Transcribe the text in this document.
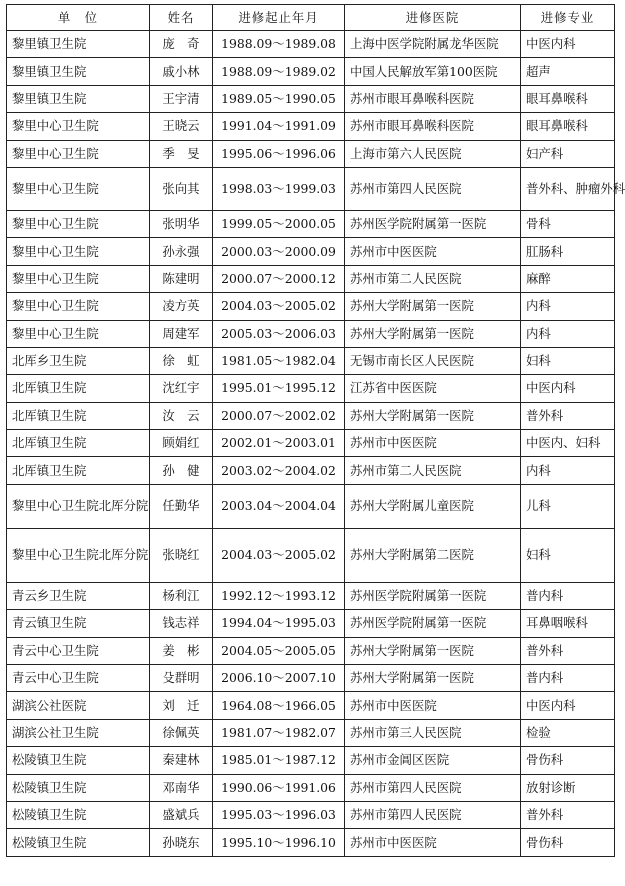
单　位	姓名	进修起止年月	进修医院	进修专业
黎里镇卫生院	庞　奇	1988.09～1989.08	上海中医学院附属龙华医院	中医内科
黎里镇卫生院	戚小林	1988.09～1989.02	中国人民解放军第100医院	超声
黎里镇卫生院	王宇清	1989.05～1990.05	苏州市眼耳鼻喉科医院	眼耳鼻喉科
黎里中心卫生院	王晓云	1991.04～1991.09	苏州市眼耳鼻喉科医院	眼耳鼻喉科
黎里中心卫生院	季　旻	1995.06～1996.06	上海市第六人民医院	妇产科
黎里中心卫生院	张向其	1998.03～1999.03	苏州市第四人民医院	普外科、肿瘤外科
黎里中心卫生院	张明华	1999.05～2000.05	苏州医学院附属第一医院	骨科
黎里中心卫生院	孙永强	2000.03～2000.09	苏州市中医医院	肛肠科
黎里中心卫生院	陈建明	2000.07～2000.12	苏州市第二人民医院	麻醉
黎里中心卫生院	凌方英	2004.03～2005.02	苏州大学附属第一医院	内科
黎里中心卫生院	周建军	2005.03～2006.03	苏州大学附属第一医院	内科
北厍乡卫生院	徐　虹	1981.05～1982.04	无锡市南长区人民医院	妇科
北厍镇卫生院	沈红宇	1995.01～1995.12	江苏省中医医院	中医内科
北厍镇卫生院	汝　云	2000.07～2002.02	苏州大学附属第一医院	普外科
北厍镇卫生院	顾娟红	2002.01～2003.01	苏州市中医医院	中医内、妇科
北厍镇卫生院	孙　健	2003.02～2004.02	苏州市第二人民医院	内科
黎里中心卫生院北厍分院	任勤华	2003.04～2004.04	苏州大学附属儿童医院	儿科
黎里中心卫生院北厍分院	张晓红	2004.03～2005.02	苏州大学附属第二医院	妇科
青云乡卫生院	杨利江	1992.12～1993.12	苏州医学院附属第一医院	普内科
青云镇卫生院	钱志祥	1994.04～1995.03	苏州医学院附属第一医院	耳鼻咽喉科
青云中心卫生院	姜　彬	2004.05～2005.05	苏州大学附属第一医院	普外科
青云中心卫生院	殳群明	2006.10～2007.10	苏州大学附属第一医院	普内科
湖滨公社医院	刘　迁	1964.08～1966.05	苏州市中医医院	中医内科
湖滨公社卫生院	徐佩英	1981.07～1982.07	苏州市第三人民医院	检验
松陵镇卫生院	秦建林	1985.01～1987.12	苏州市金阊区医院	骨伤科
松陵镇卫生院	邓南华	1990.06～1991.06	苏州市第四人民医院	放射诊断
松陵镇卫生院	盛斌兵	1995.03～1996.03	苏州市第四人民医院	普外科
松陵镇卫生院	孙晓东	1995.10～1996.10	苏州市中医医院	骨伤科
